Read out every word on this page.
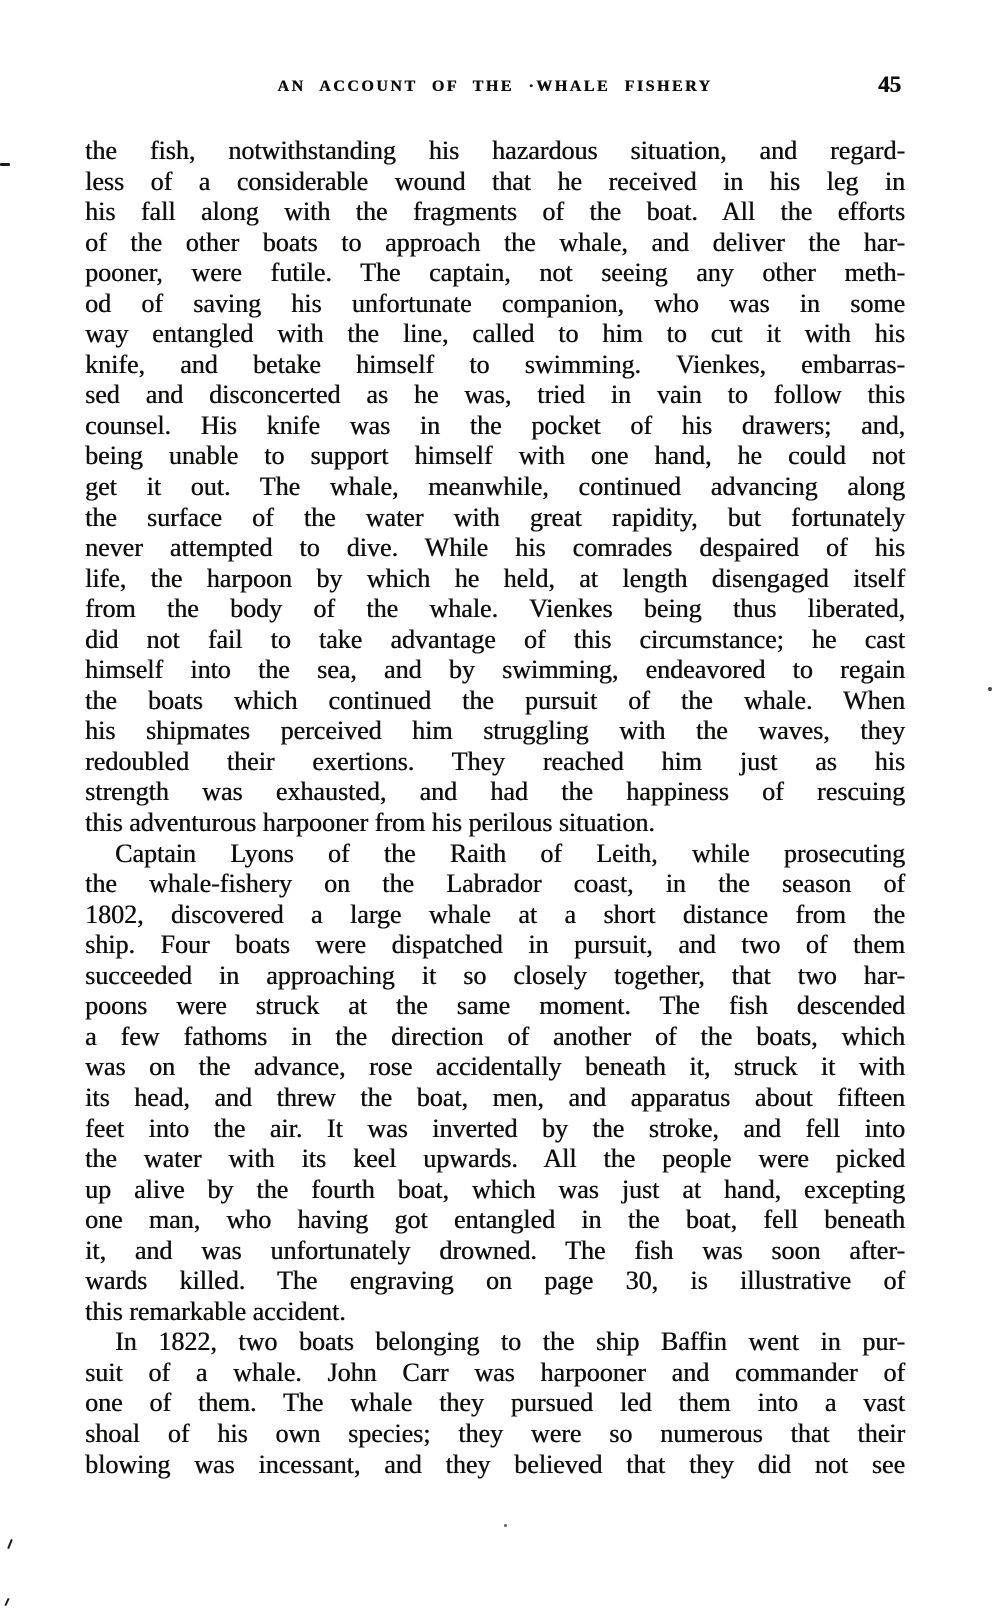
AN ACCOUNT OF THE ·WHALE FISHERY	45
the fish, notwithstanding his hazardous situation, and regard-
less of a considerable wound that he received in his leg in
his fall along with the fragments of the boat. All the efforts
of the other boats to approach the whale, and deliver the har-
pooner, were futile. The captain, not seeing any other meth-
od of saving his unfortunate companion, who was in some
way entangled with the line, called to him to cut it with his
knife, and betake himself to swimming. Vienkes, embarras-
sed and disconcerted as he was, tried in vain to follow this
counsel. His knife was in the pocket of his drawers; and,
being unable to support himself with one hand, he could not
get it out. The whale, meanwhile, continued advancing along
the surface of the water with great rapidity, but fortunately
never attempted to dive. While his comrades despaired of his
life, the harpoon by which he held, at length disengaged itself
from the body of the whale. Vienkes being thus liberated,
did not fail to take advantage of this circumstance; he cast
himself into the sea, and by swimming, endeavored to regain
the boats which continued the pursuit of the whale. When
his shipmates perceived him struggling with the waves, they
redoubled their exertions. They reached him just as his
strength was exhausted, and had the happiness of rescuing
this adventurous harpooner from his perilous situation.
Captain Lyons of the Raith of Leith, while prosecuting
the whale-fishery on the Labrador coast, in the season of
1802, discovered a large whale at a short distance from the
ship. Four boats were dispatched in pursuit, and two of them
succeeded in approaching it so closely together, that two har-
poons were struck at the same moment. The fish descended
a few fathoms in the direction of another of the boats, which
was on the advance, rose accidentally beneath it, struck it with
its head, and threw the boat, men, and apparatus about fifteen
feet into the air. It was inverted by the stroke, and fell into
the water with its keel upwards. All the people were picked
up alive by the fourth boat, which was just at hand, excepting
one man, who having got entangled in the boat, fell beneath
it, and was unfortunately drowned. The fish was soon after-
wards killed. The engraving on page 30, is illustrative of
this remarkable accident.
In 1822, two boats belonging to the ship Baffin went in pur-
suit of a whale. John Carr was harpooner and commander of
one of them. The whale they pursued led them into a vast
shoal of his own species; they were so numerous that their
blowing was incessant, and they believed that they did not see
